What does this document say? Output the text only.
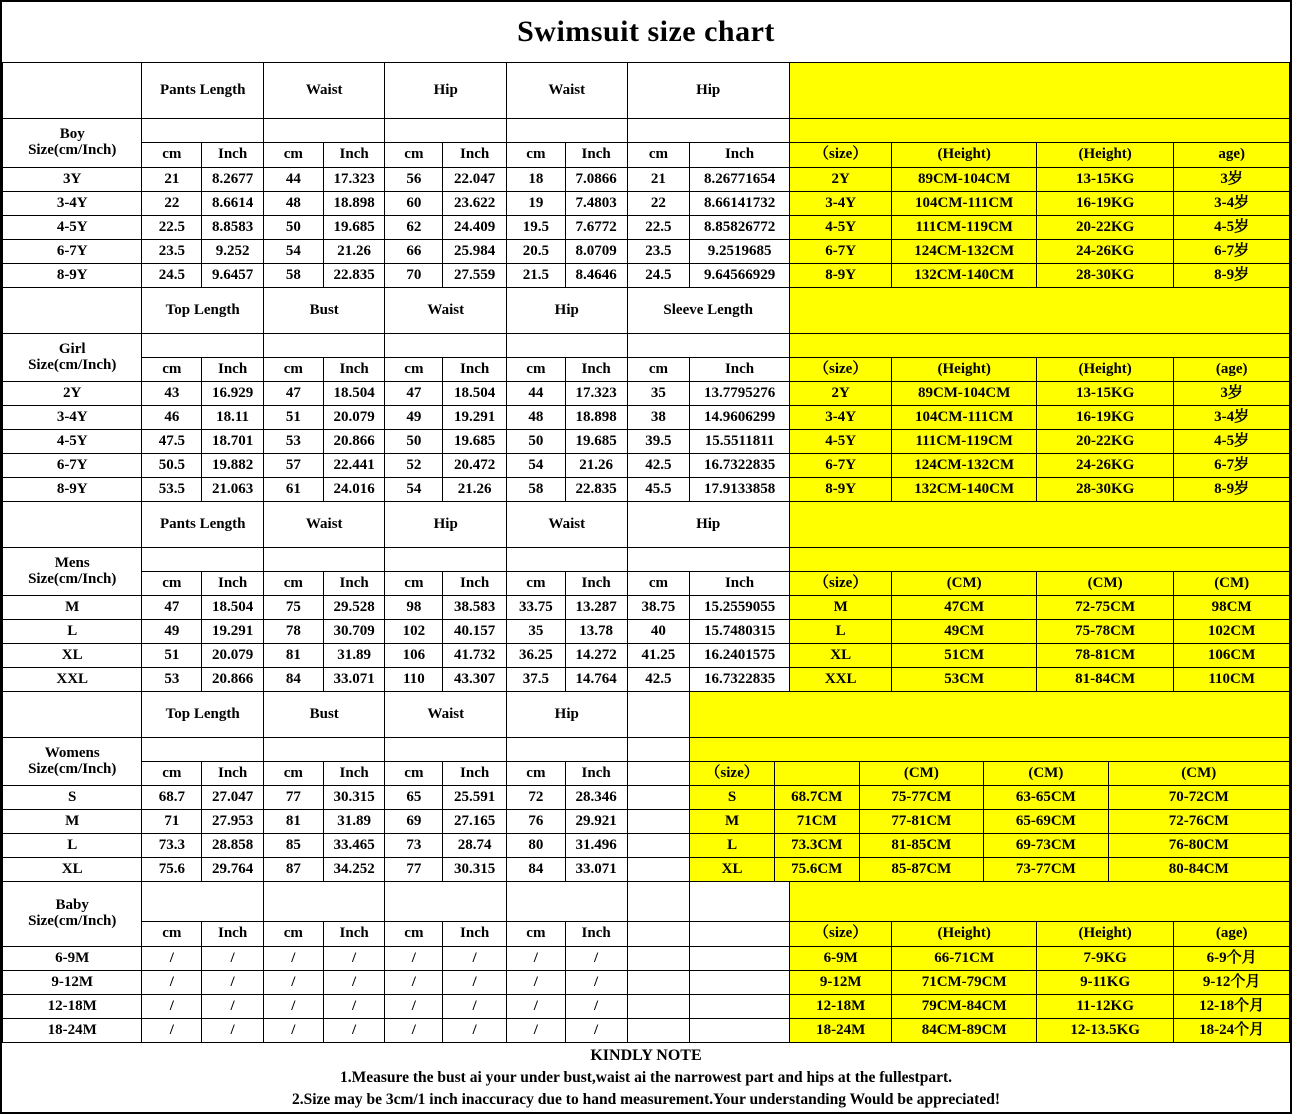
Swimsuit size chart
	Pants Length		Waist		Hip		Waist		Hip					

Boy
Size(cm/Inch)														

	cm	Inch	cm	Inch	cm	Inch	cm	Inch	cm	Inch	（size）	(Height)	(Height)	age)
3Y	21	8.2677	44	17.323	56	22.047	18	7.0866	21	8.26771654	2Y	89CM-104CM	13-15KG	3岁
3-4Y	22	8.6614	48	18.898	60	23.622	19	7.4803	22	8.66141732	3-4Y	104CM-111CM	16-19KG	3-4岁
4-5Y	22.5	8.8583	50	19.685	62	24.409	19.5	7.6772	22.5	8.85826772	4-5Y	111CM-119CM	20-22KG	4-5岁
6-7Y	23.5	9.252	54	21.26	66	25.984	20.5	8.0709	23.5	9.2519685	6-7Y	124CM-132CM	24-26KG	6-7岁
8-9Y	24.5	9.6457	58	22.835	70	27.559	21.5	8.4646	24.5	9.64566929	8-9Y	132CM-140CM	28-30KG	8-9岁
	Top Length		Bust		Waist		Hip		Sleeve Length					

Girl
Size(cm/Inch)														

	cm	Inch	cm	Inch	cm	Inch	cm	Inch	cm	Inch	（size）	(Height)	(Height)	(age)
2Y	43	16.929	47	18.504	47	18.504	44	17.323	35	13.7795276	2Y	89CM-104CM	13-15KG	3岁
3-4Y	46	18.11	51	20.079	49	19.291	48	18.898	38	14.9606299	3-4Y	104CM-111CM	16-19KG	3-4岁
4-5Y	47.5	18.701	53	20.866	50	19.685	50	19.685	39.5	15.5511811	4-5Y	111CM-119CM	20-22KG	4-5岁
6-7Y	50.5	19.882	57	22.441	52	20.472	54	21.26	42.5	16.7322835	6-7Y	124CM-132CM	24-26KG	6-7岁
8-9Y	53.5	21.063	61	24.016	54	21.26	58	22.835	45.5	17.9133858	8-9Y	132CM-140CM	28-30KG	8-9岁
	Pants Length		Waist		Hip		Waist		Hip					

Mens
Size(cm/Inch)														

	cm	Inch	cm	Inch	cm	Inch	cm	Inch	cm	Inch	（size）	(CM)	(CM)	(CM)
M	47	18.504	75	29.528	98	38.583	33.75	13.287	38.75	15.2559055	M	47CM	72-75CM	98CM
L	49	19.291	78	30.709	102	40.157	35	13.78	40	15.7480315	L	49CM	75-78CM	102CM
XL	51	20.079	81	31.89	106	41.732	36.25	14.272	41.25	16.2401575	XL	51CM	78-81CM	106CM
XXL	53	20.866	84	33.071	110	43.307	37.5	14.764	42.5	16.7322835	XXL	53CM	81-84CM	110CM
	Top Length		Bust		Waist		Hip							

Womens
Size(cm/Inch)														

	cm	Inch	cm	Inch	cm	Inch	cm	Inch		（size）		(CM)	(CM)	(CM)
S	68.7	27.047	77	30.315	65	25.591	72	28.346		S	68.7CM	75-77CM	63-65CM	70-72CM
M	71	27.953	81	31.89	69	27.165	76	29.921		M	71CM	77-81CM	65-69CM	72-76CM
L	73.3	28.858	85	33.465	73	28.74	80	31.496		L	73.3CM	81-85CM	69-73CM	76-80CM
XL	75.6	29.764	87	34.252	77	30.315	84	33.071		XL	75.6CM	85-87CM	73-77CM	80-84CM
Baby
Size(cm/Inch)														

	cm	Inch	cm	Inch	cm	Inch	cm	Inch			（size）	(Height)	(Height)	(age)
6-9M	/	/	/	/	/	/	/	/			6-9M	66-71CM	7-9KG	6-9个月
9-12M	/	/	/	/	/	/	/	/			9-12M	71CM-79CM	9-11KG	9-12个月
12-18M	/	/	/	/	/	/	/	/			12-18M	79CM-84CM	11-12KG	12-18个月
18-24M	/	/	/	/	/	/	/	/			18-24M	84CM-89CM	12-13.5KG	18-24个月
KINDLY NOTE
1.Measure the bust ai your under bust,waist ai the narrowest part and hips at the fullestpart.
2.Size may be 3cm/1 inch inaccuracy due to hand measurement.Your understanding Would be appreciated!
